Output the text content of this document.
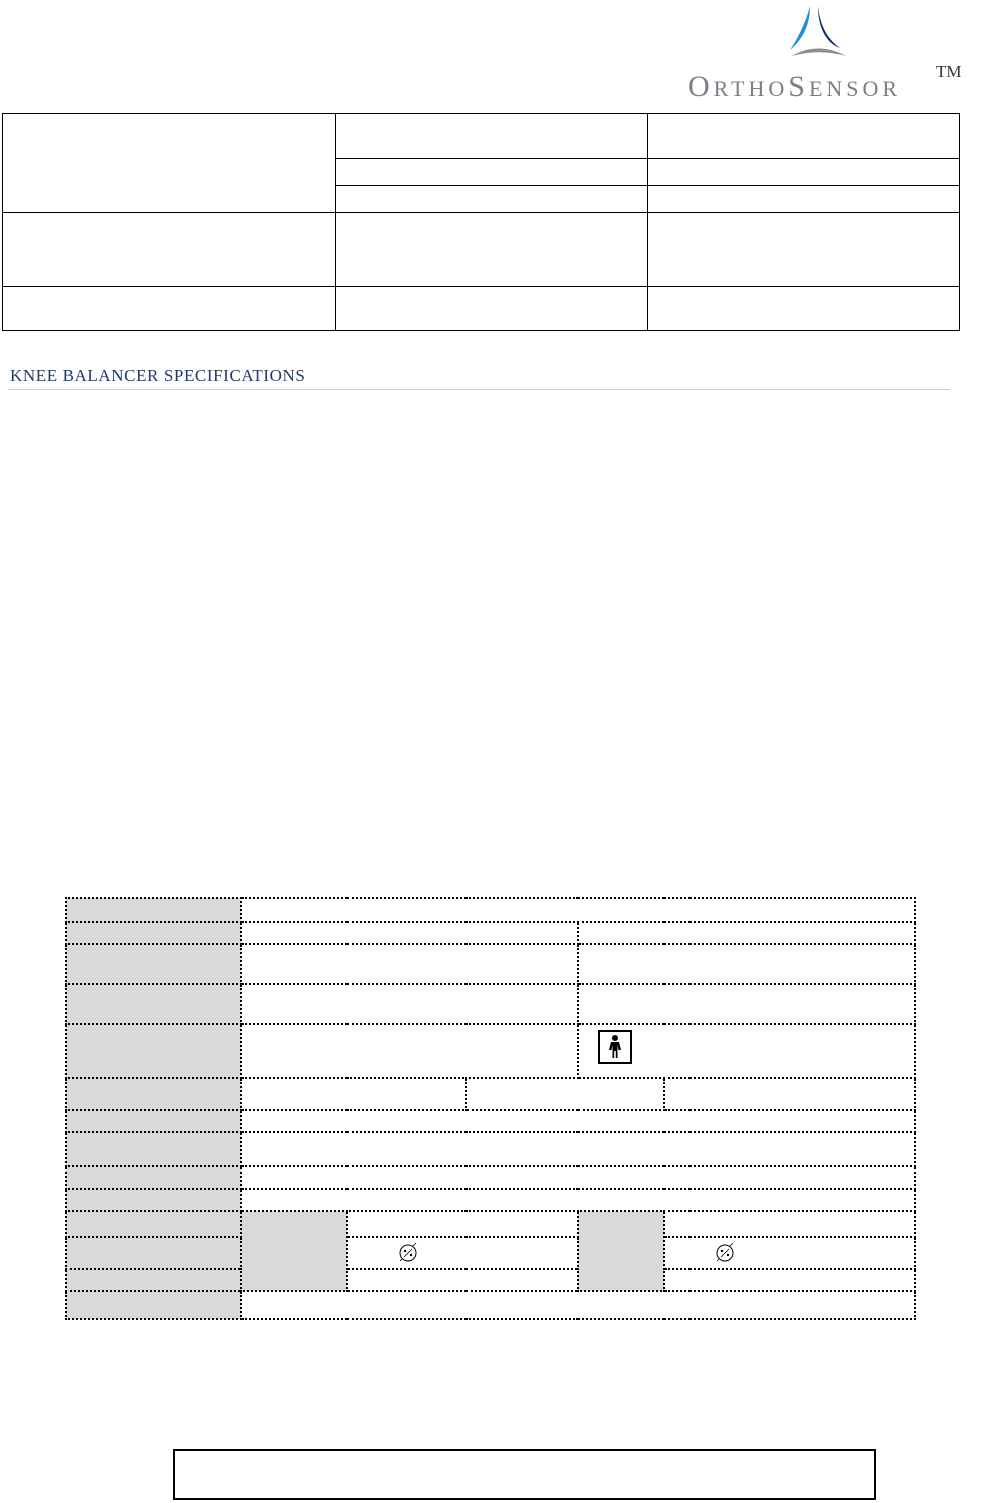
ORTHOSENSOR
TM

KNEE BALANCER SPECIFICATIONS
